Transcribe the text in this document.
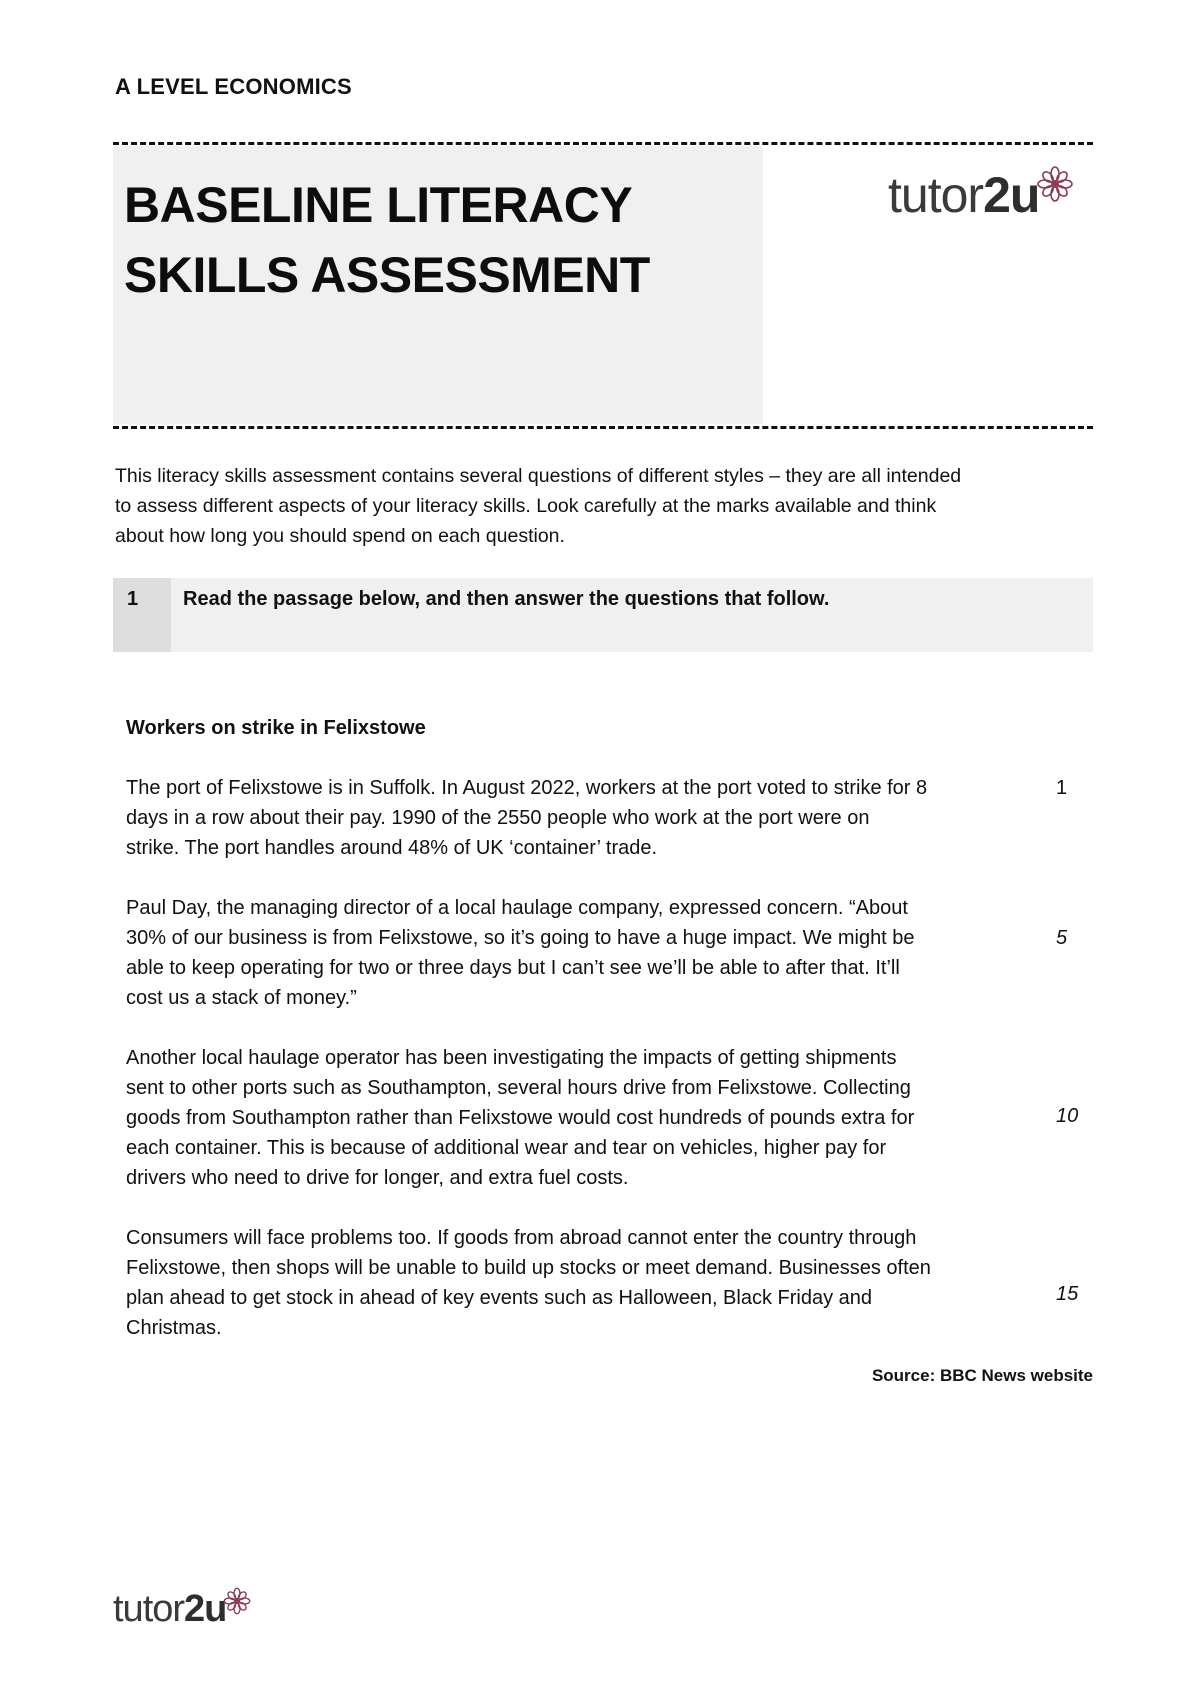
A LEVEL ECONOMICS
BASELINE LITERACY
SKILLS ASSESSMENT
tutor2u
This literacy skills assessment contains several questions of different styles – they are all intended
to assess different aspects of your literacy skills. Look carefully at the marks available and think
about how long you should spend on each question.
1 Read the passage below, and then answer the questions that follow.
Workers on strike in Felixstowe
The port of Felixstowe is in Suffolk. In August 2022, workers at the port voted to strike for 8
days in a row about their pay. 1990 of the 2550 people who work at the port were on
strike. The port handles around 48% of UK ‘container’ trade.
Paul Day, the managing director of a local haulage company, expressed concern. “About
30% of our business is from Felixstowe, so it’s going to have a huge impact. We might be
able to keep operating for two or three days but I can’t see we’ll be able to after that. It’ll
cost us a stack of money.”
Another local haulage operator has been investigating the impacts of getting shipments
sent to other ports such as Southampton, several hours drive from Felixstowe. Collecting
goods from Southampton rather than Felixstowe would cost hundreds of pounds extra for
each container. This is because of additional wear and tear on vehicles, higher pay for
drivers who need to drive for longer, and extra fuel costs.
Consumers will face problems too. If goods from abroad cannot enter the country through
Felixstowe, then shops will be unable to build up stocks or meet demand. Businesses often
plan ahead to get stock in ahead of key events such as Halloween, Black Friday and
Christmas.
1
5
10
15
Source: BBC News website
tutor2u
